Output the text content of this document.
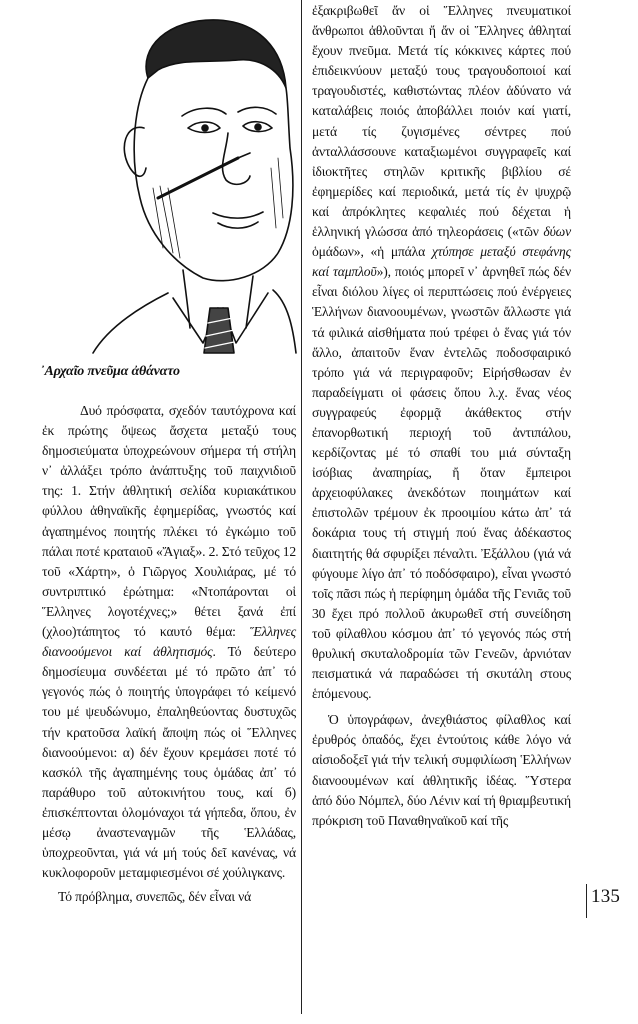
᾿Αρχαῖο πνεῦμα ἀθάνατο

Δυό πρόσφατα, σχεδόν ταυτόχρονα καί ἐκ πρώτης ὄψεως ἄσχετα μεταξύ τους δημοσιεύματα ὑποχρεώνουν σήμερα τή στήλη ν᾿ ἀλλάξει τρόπο ἀνάπτυξης τοῦ παιχνιδιοῦ της: 1. Στήν ἀθλητική σελίδα κυριακάτικου φύλλου ἀθηναϊκῆς ἐφημερίδας, γνωστός καί ἀγαπημένος ποιητής πλέκει τό ἐγκώμιο τοῦ πάλαι ποτέ κραταιοῦ «Ἄγιαξ». 2. Στό τεῦχος 12 τοῦ «Χάρτη», ὁ Γιῶργος Χουλιάρας, μέ τό συντριπτικό ἐρώτημα: «Ντοπάρονται οἱ Ἕλληνες λογοτέχνες;» θέτει ξανά ἐπί (χλοο)τάπητος τό καυτό θέμα: Ἕλληνες διανοούμενοι καί ἀθλητισμός. Τό δεύτερο δημοσίευμα συνδέεται μέ τό πρῶτο ἀπ᾿ τό γεγονός πώς ὁ ποιητής ὑπογράφει τό κείμενό του μέ ψευδώνυμο, ἐπαληθεύοντας δυστυχῶς τήν κρατοῦσα λαϊκή ἄποψη πώς οἱ Ἕλληνες διανοούμενοι: α) δέν ἔχουν κρεμάσει ποτέ τό κασκόλ τῆς ἀγαπημένης τους ὁμάδας ἀπ᾿ τό παράθυρο τοῦ αὐτοκινήτου τους, καί б) ἐπισκέπτονται ὁλομόναχοι τά γήπεδα, ὅπου, ἐν μέσῳ ἀναστεναγμῶν τῆς Ἑλλάδας, ὑποχρεοῦνται, γιά νά μή τούς δεῖ κανένας, νά κυκλοφοροῦν μεταμφιεσμένοι σέ χούλιγκανς.

Τό πρόβλημα, συνεπῶς, δέν εἶναι νά

ἐξακριβωθεῖ ἄν οἱ Ἕλληνες πνευματικοί ἄνθρωποι ἀθλοῦνται ἤ ἄν οἱ Ἕλληνες ἀθληταί ἔχουν πνεῦμα. Μετά τίς κόκκινες κάρτες πού ἐπιδεικνύουν μεταξύ τους τραγουδοποιοί καί τραγουδιστές, καθιστώντας πλέον ἀδύνατο νά καταλάβεις ποιός ἀποβάλλει ποιόν καί γιατί, μετά τίς ζυγισμένες σέντρες πού ἀνταλλάσσουνε καταξιωμένοι συγγραφεῖς καί ἰδιοκτῆτες στηλῶν κριτικῆς βιβλίου σέ ἐφημερίδες καί περιοδικά, μετά τίς ἐν ψυχρῷ καί ἀπρόκλητες κεφαλιές πού δέχεται ἡ ἑλληνική γλώσσα ἀπό τηλεοράσεις («τῶν δύων ὁμάδων», «ἡ μπάλα χτύπησε μεταξύ στεφάνης καί ταμπλοῦ»), ποιός μπορεῖ ν᾿ ἀρνηθεῖ πώς δέν εἶναι διόλου λίγες οἱ περιπτώσεις πού ἐνέργειες Ἑλλήνων διανοουμένων, γνωστῶν ἄλλωστε γιά τά φιλικά αἰσθήματα πού τρέφει ὁ ἕνας γιά τόν ἄλλο, ἀπαιτοῦν ἕναν ἐντελῶς ποδοσφαιρικό τρόπο γιά νά περιγραφοῦν; Εἰρήσθωσαν ἐν παραδείγματι οἱ φάσεις ὅπου λ.χ. ἕνας νέος συγγραφεύς ἐφορμᾷ ἀκάθεκτος στήν ἐπανορθωτική περιοχή τοῦ ἀντιπάλου, κερδίζοντας μέ τό σπαθί του μιά σύνταξη ἰσόβιας ἀναπηρίας, ἤ ὅταν ἔμπειροι ἀρχειοφύλακες ἀνεκδότων ποιημάτων καί ἐπιστολῶν τρέμουν ἐκ προοιμίου κάτω ἀπ᾿ τά δοκάρια τους τή στιγμή πού ἕνας ἀδέκαστος διαιτητής θά σφυρίξει πέναλτι. Ἐξάλλου (γιά νά φύγουμε λίγο ἀπ᾿ τό ποδόσφαιρο), εἶναι γνωστό τοῖς πᾶσι πώς ἡ περίφημη ὁμάδα τῆς Γενιᾶς τοῦ 30 ἔχει πρό πολλοῦ ἀκυρωθεῖ στή συνείδηση τοῦ φίλαθλου κόσμου ἀπ᾿ τό γεγονός πώς στή θρυλική σκυταλοδρομία τῶν Γενεῶν, ἀρνιόταν πεισματικά νά παραδώσει τή σκυτάλη στους ἑπόμενους.

Ὁ ὑπογράφων, ἀνεχθιάστος φίλαθλος καί ἐρυθρός ὀπαδός, ἔχει ἐντούτοις κάθε λόγο νά αἰσιοδοξεῖ γιά τήν τελική συμφιλίωση Ἑλλήνων διανοουμένων καί ἀθλητικῆς ἰδέας. Ὕστερα ἀπό δύο Νόμπελ, δύο Λένιν καί τή θριαμβευτική πρόκριση τοῦ Παναθηναϊκοῦ καί τῆς

135
